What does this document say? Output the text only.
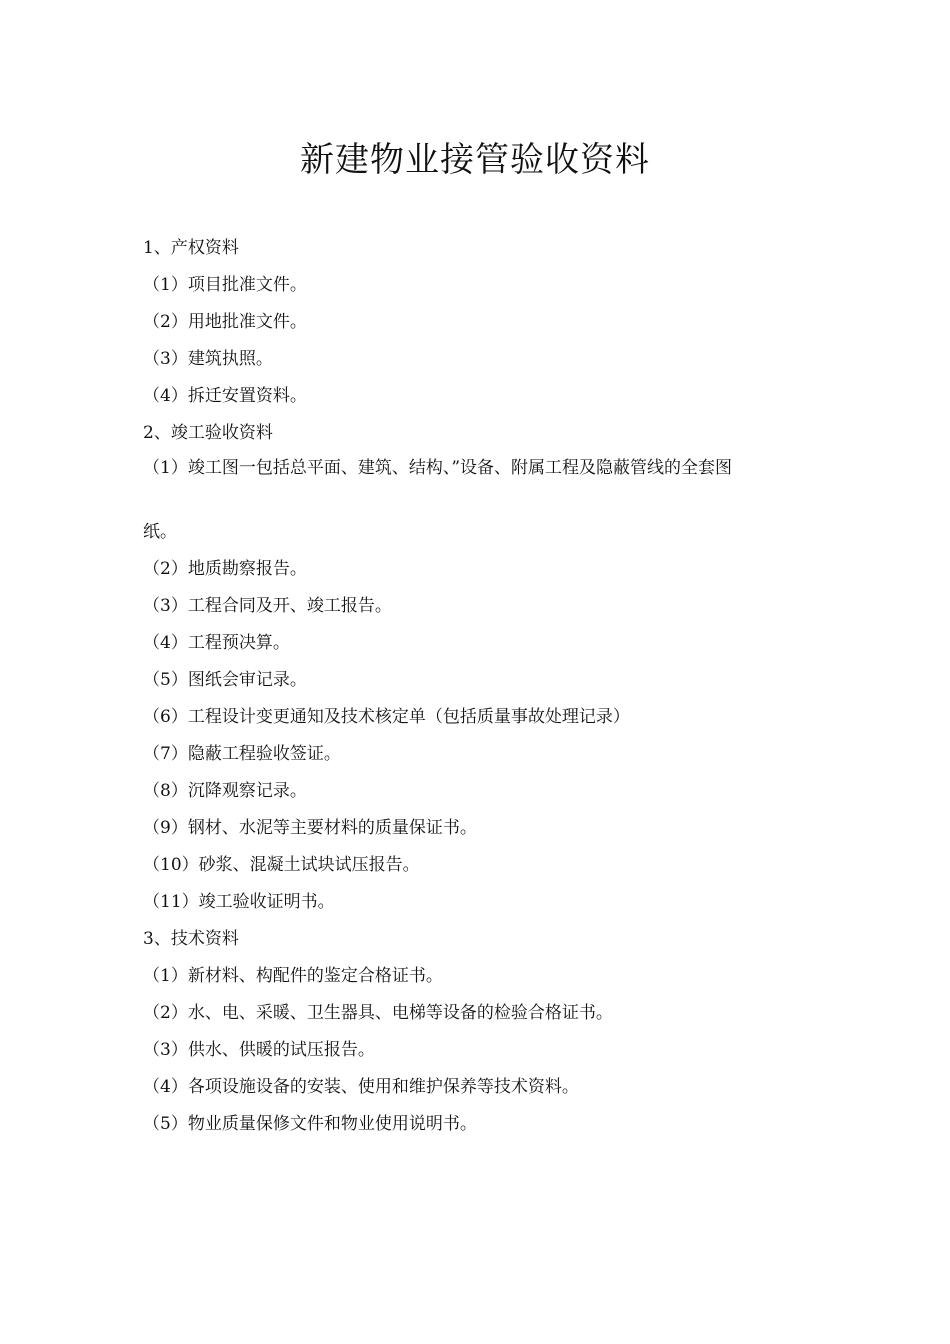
新建物业接管验收资料
1、产权资料
（1）项目批准文件。
（2）用地批准文件。
（3）建筑执照。
（4）拆迁安置资料。
2、竣工验收资料
（1）竣工图一包括总平面、建筑、结构、”设备、附属工程及隐蔽管线的全套图
纸。
（2）地质勘察报告。
（3）工程合同及开、竣工报告。
（4）工程预决算。
（5）图纸会审记录。
（6）工程设计变更通知及技术核定单（包括质量事故处理记录）
（7）隐蔽工程验收签证。
（8）沉降观察记录。
（9）钢材、水泥等主要材料的质量保证书。
（10）砂浆、混凝土试块试压报告。
（11）竣工验收证明书。
3、技术资料
（1）新材料、构配件的鉴定合格证书。
（2）水、电、采暖、卫生器具、电梯等设备的检验合格证书。
（3）供水、供暖的试压报告。
（4）各项设施设备的安装、使用和维护保养等技术资料。
（5）物业质量保修文件和物业使用说明书。
